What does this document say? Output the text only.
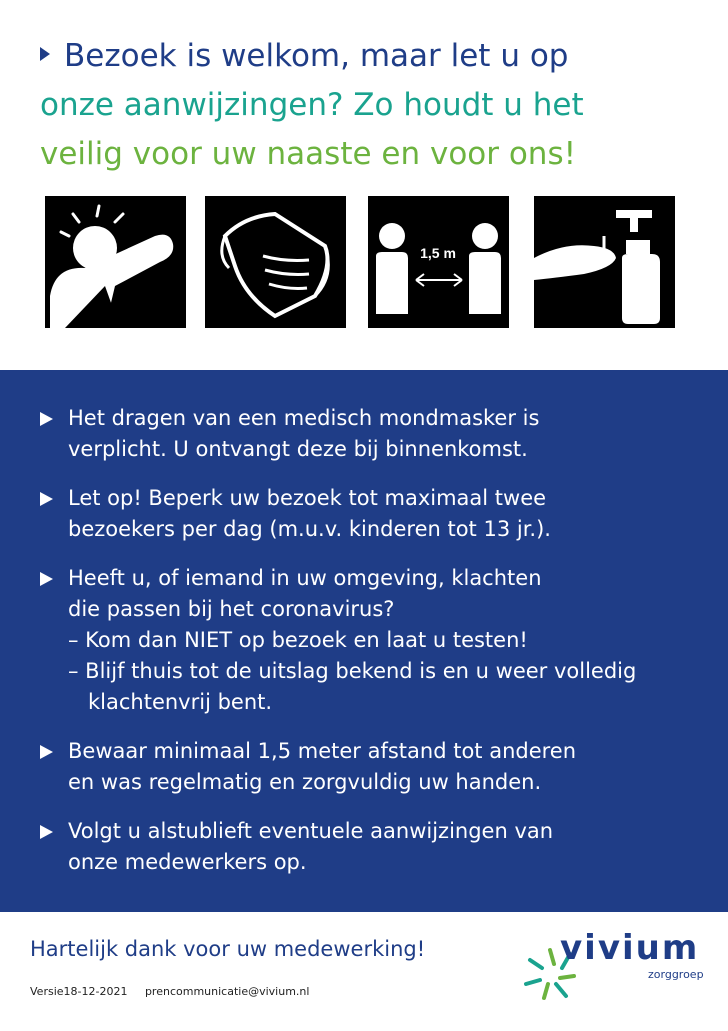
Bezoek is welkom, maar let u op
onze aanwijzingen? Zo houdt u het
veilig voor uw naaste en voor ons!
1,5 m
Het dragen van een medisch mondmasker is
verplicht. U ontvangt deze bij binnenkomst.
Let op! Beperk uw bezoek tot maximaal twee
bezoekers per dag (m.u.v. kinderen tot 13 jr.).
Heeft u, of iemand in uw omgeving, klachten
die passen bij het coronavirus?
– Kom dan NIET op bezoek en laat u testen!
– Blijf thuis tot de uitslag bekend is en u weer volledig klachtenvrij bent.
Bewaar minimaal 1,5 meter afstand tot anderen
en was regelmatig en zorgvuldig uw handen.
Volgt u alstublieft eventuele aanwijzingen van
onze medewerkers op.
Hartelijk dank voor uw medewerking!
Versie18-12-2021 prencommunicatie@vivium.nl
vivium
zorggroep
